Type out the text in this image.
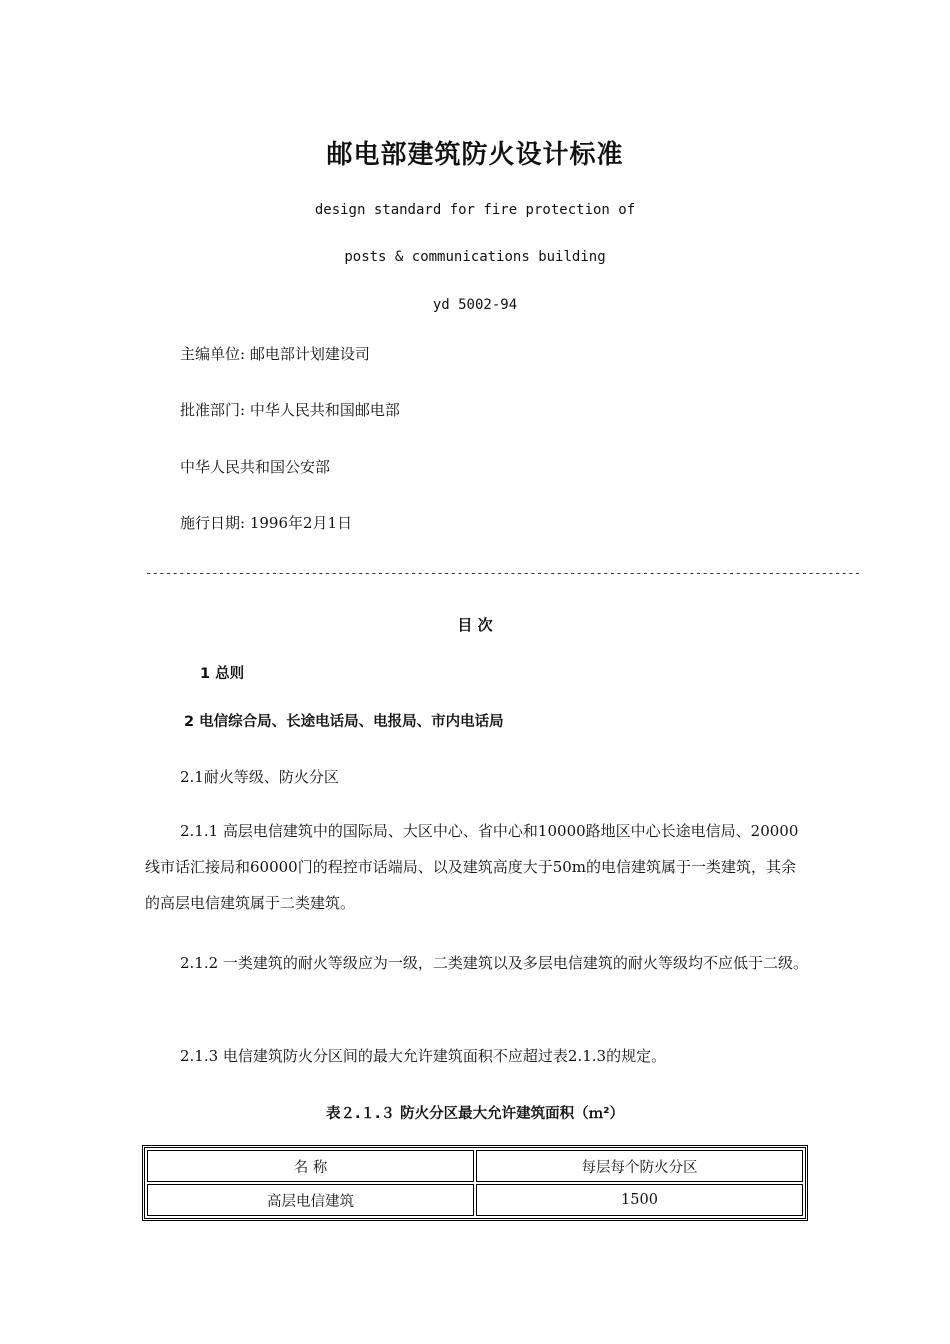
邮电部建筑防火设计标准
design standard for fire protection of
posts & communications building
yd 5002-94
主编单位: 邮电部计划建设司
批准部门: 中华人民共和国邮电部
中华人民共和国公安部
施行日期: 1996年2月1日
------------------------------------------------------------------------------------------------------------
目 次
1 总则
2 电信综合局、长途电话局、电报局、市内电话局
2.1耐火等级、防火分区
2.1.1 高层电信建筑中的国际局、大区中心、省中心和10000路地区中心长途电信局、20000线市话汇接局和60000门的程控市话端局、以及建筑高度大于50m的电信建筑属于一类建筑，其余的高层电信建筑属于二类建筑。
2.1.2 一类建筑的耐火等级应为一级，二类建筑以及多层电信建筑的耐火等级均不应低于二级。
2.1.3 电信建筑防火分区间的最大允许建筑面积不应超过表2.1.3的规定。
表２.１.３ 防火分区最大允许建筑面积（ｍ²）
名 称	每层每个防火分区
高层电信建筑	1500
